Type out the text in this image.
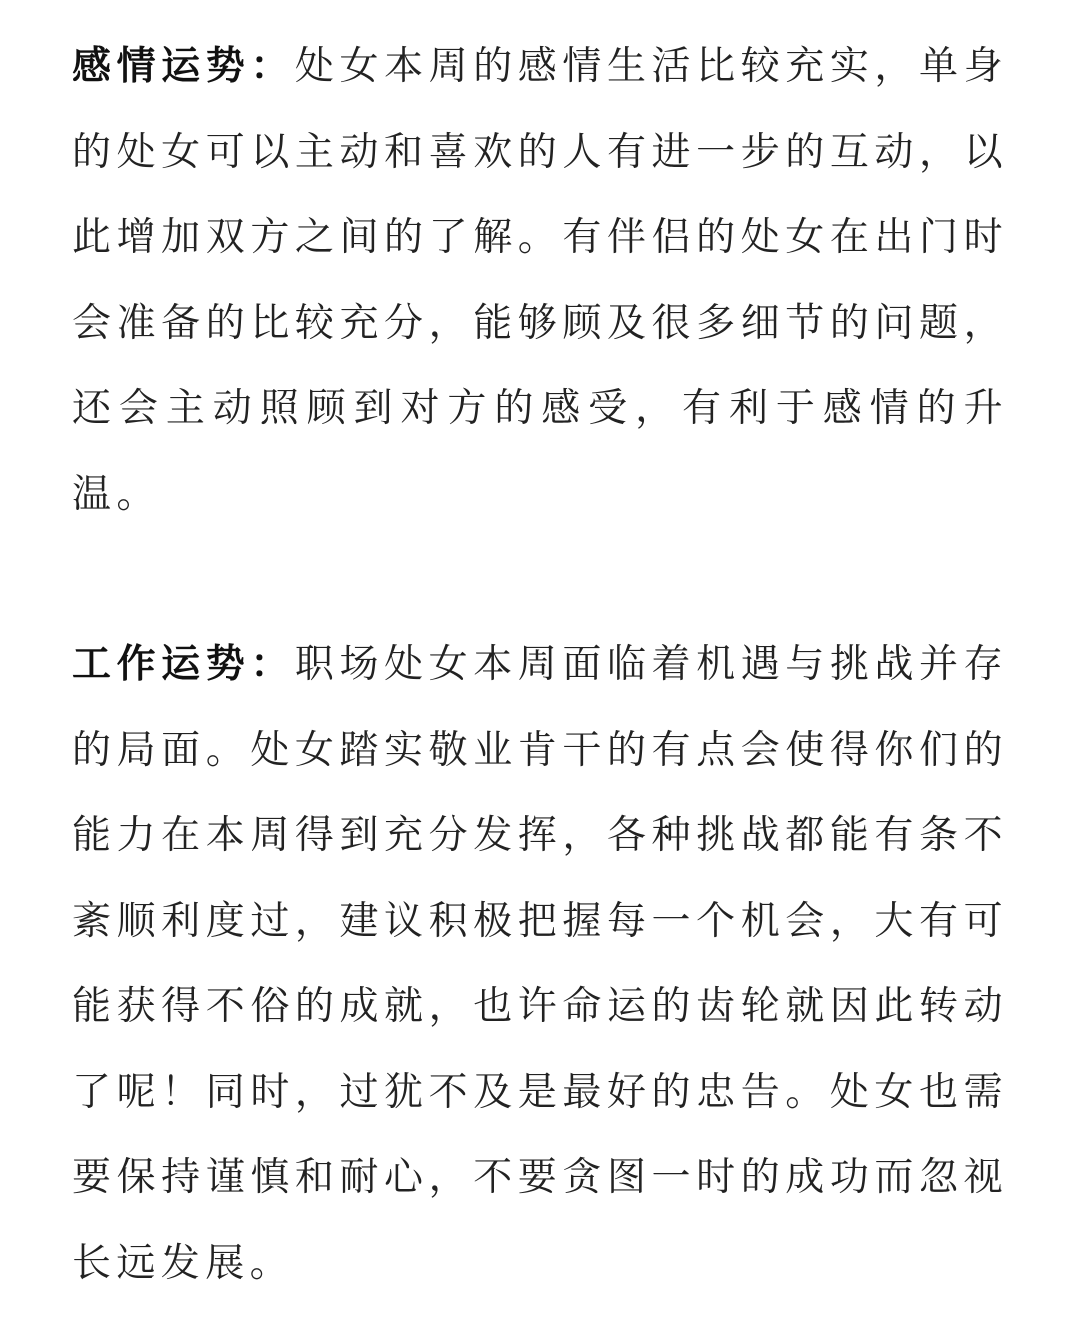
感情运势：处女本周的感情生活比较充实，单身的处女可以主动和喜欢的人有进一步的互动，以此增加双方之间的了解。有伴侣的处女在出门时会准备的比较充分，能够顾及很多细节的问题，还会主动照顾到对方的感受，有利于感情的升温。

工作运势：职场处女本周面临着机遇与挑战并存的局面。处女踏实敬业肯干的有点会使得你们的能力在本周得到充分发挥，各种挑战都能有条不紊顺利度过，建议积极把握每一个机会，大有可能获得不俗的成就，也许命运的齿轮就因此转动了呢！同时，过犹不及是最好的忠告。处女也需要保持谨慎和耐心，不要贪图一时的成功而忽视长远发展。
